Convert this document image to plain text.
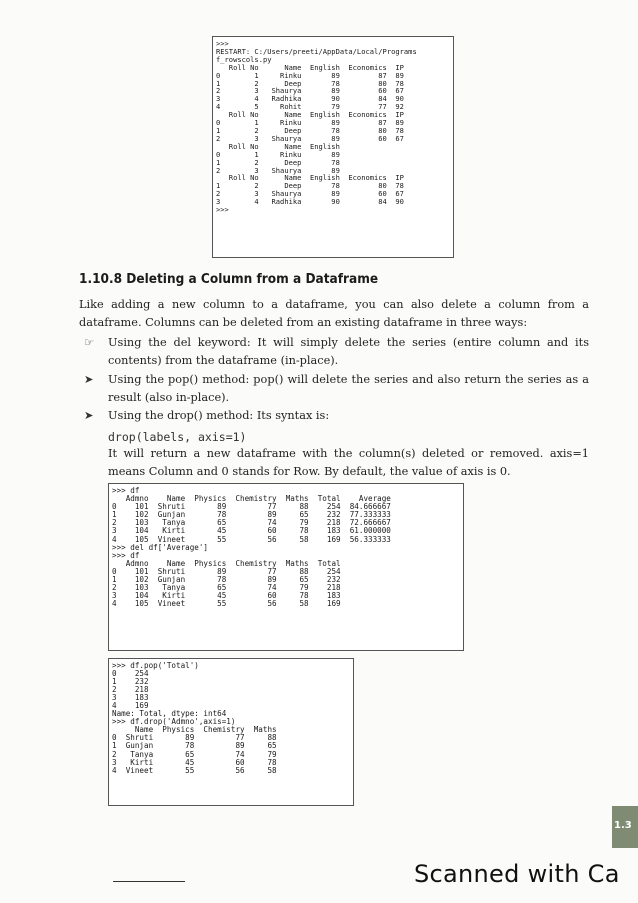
>>>
RESTART: C:/Users/preeti/AppData/Local/Programs
f_rowscols.py
Roll No      Name  English  Economics  IP
0        1     Rinku       89         87  89
1        2      Deep       78         80  78
2        3   Shaurya       89         60  67
3        4   Radhika       90         84  90
4        5     Rohit       79         77  92
Roll No      Name  English  Economics  IP
0        1     Rinku       89         87  89
1        2      Deep       78         80  78
2        3   Shaurya       89         60  67
Roll No      Name  English
0        1     Rinku       89
1        2      Deep       78
2        3   Shaurya       89
Roll No      Name  English  Economics  IP
1        2      Deep       78         80  78
2        3   Shaurya       89         60  67
3        4   Radhika       90         84  90
>>>
1.10.8 Deleting a Column from a Dataframe

Like adding a new column to a dataframe, you can also delete a column from a dataframe. Columns can be deleted from an existing dataframe in three ways:

☞	Using the del keyword: It will simply delete the series (entire column and its contents) from the dataframe (in-place).
➤	Using the pop() method: pop() will delete the series and also return the series as a result (also in-place).
➤	Using the drop() method: Its syntax is:
drop(labels, axis=1)

It will return a new dataframe with the column(s) deleted or removed. axis=1 means Column and 0 stands for Row. By default, the value of axis is 0.

>>> df
Admno    Name  Physics  Chemistry  Maths  Total    Average
0    101  Shruti       89         77     88    254  84.666667
1    102  Gunjan       78         89     65    232  77.333333
2    103   Tanya       65         74     79    218  72.666667
3    104   Kirti       45         60     78    183  61.000000
4    105  Vineet       55         56     58    169  56.333333
>>> del df['Average']
>>> df
Admno    Name  Physics  Chemistry  Maths  Total
0    101  Shruti       89         77     88    254
1    102  Gunjan       78         89     65    232
2    103   Tanya       65         74     79    218
3    104   Kirti       45         60     78    183
4    105  Vineet       55         56     58    169
>>> df.pop('Total')
0    254
1    232
2    218
3    183
4    169
Name: Total, dtype: int64
>>> df.drop('Admno',axis=1)
Name  Physics  Chemistry  Maths
0  Shruti       89         77     88
1  Gunjan       78         89     65
2   Tanya       65         74     79
3   Kirti       45         60     78
4  Vineet       55         56     58
1.3
Scanned with Ca
